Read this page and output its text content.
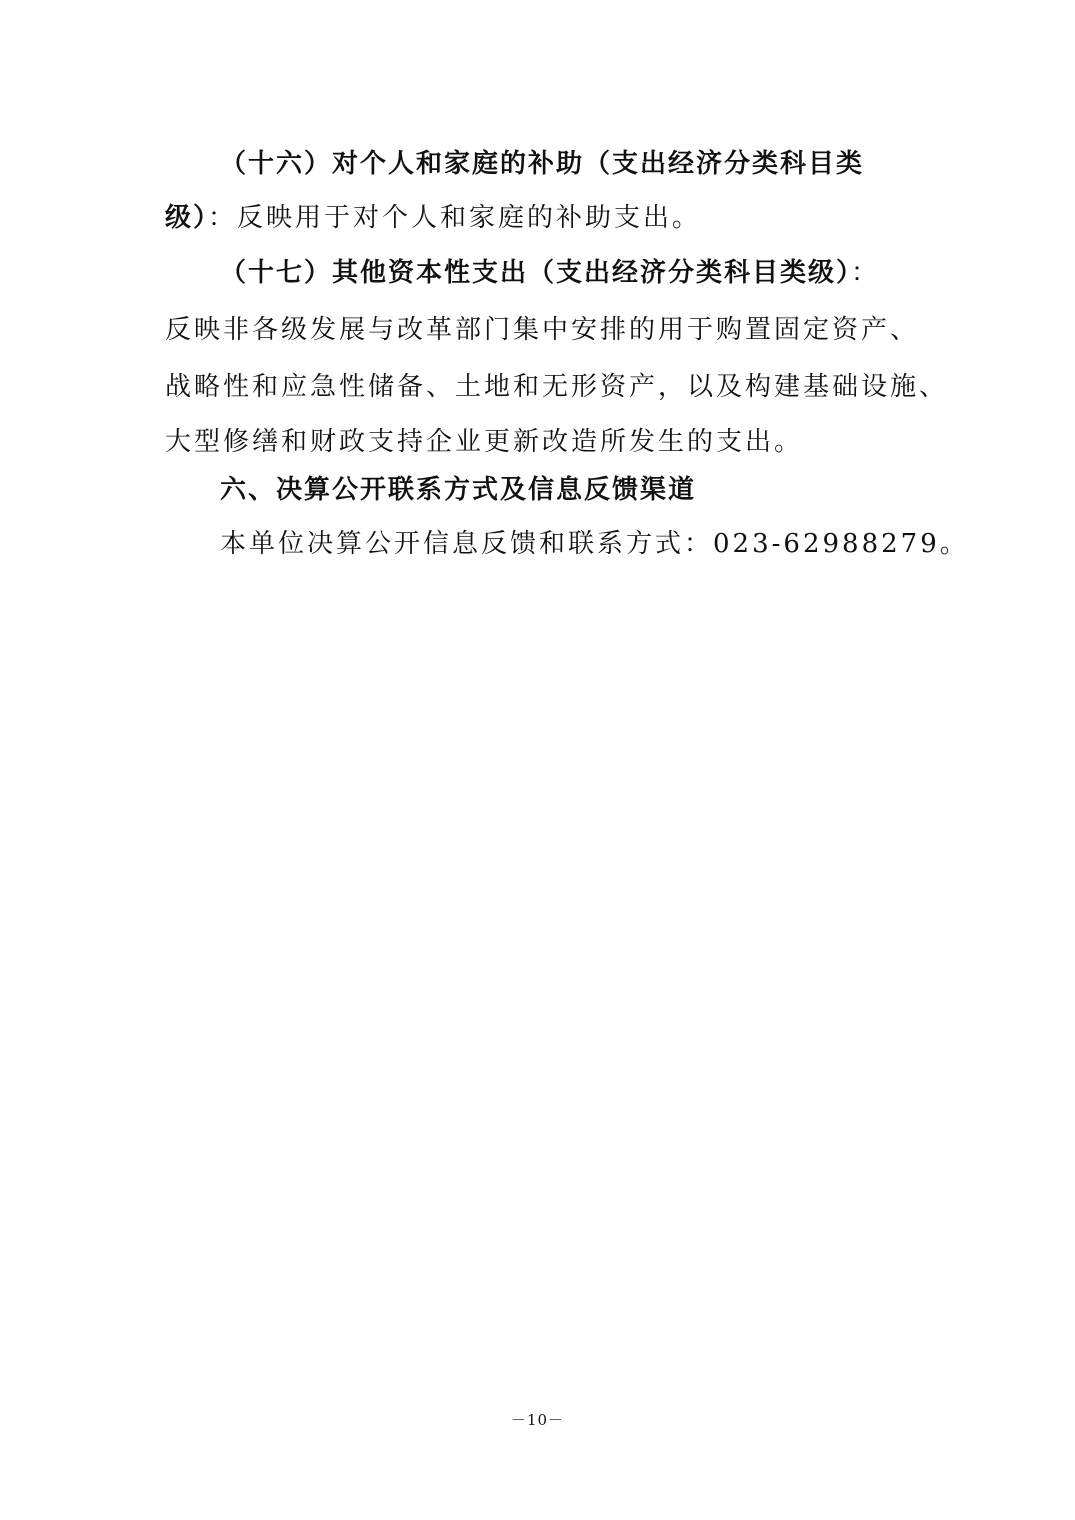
（十六）对个人和家庭的补助（支出经济分类科目类
级）：反映用于对个人和家庭的补助支出。
（十七）其他资本性支出（支出经济分类科目类级）：
反映非各级发展与改革部门集中安排的用于购置固定资产、
战略性和应急性储备、土地和无形资产，以及构建基础设施、
大型修缮和财政支持企业更新改造所发生的支出。
六、决算公开联系方式及信息反馈渠道
本单位决算公开信息反馈和联系方式：023-62988279。
－10－
